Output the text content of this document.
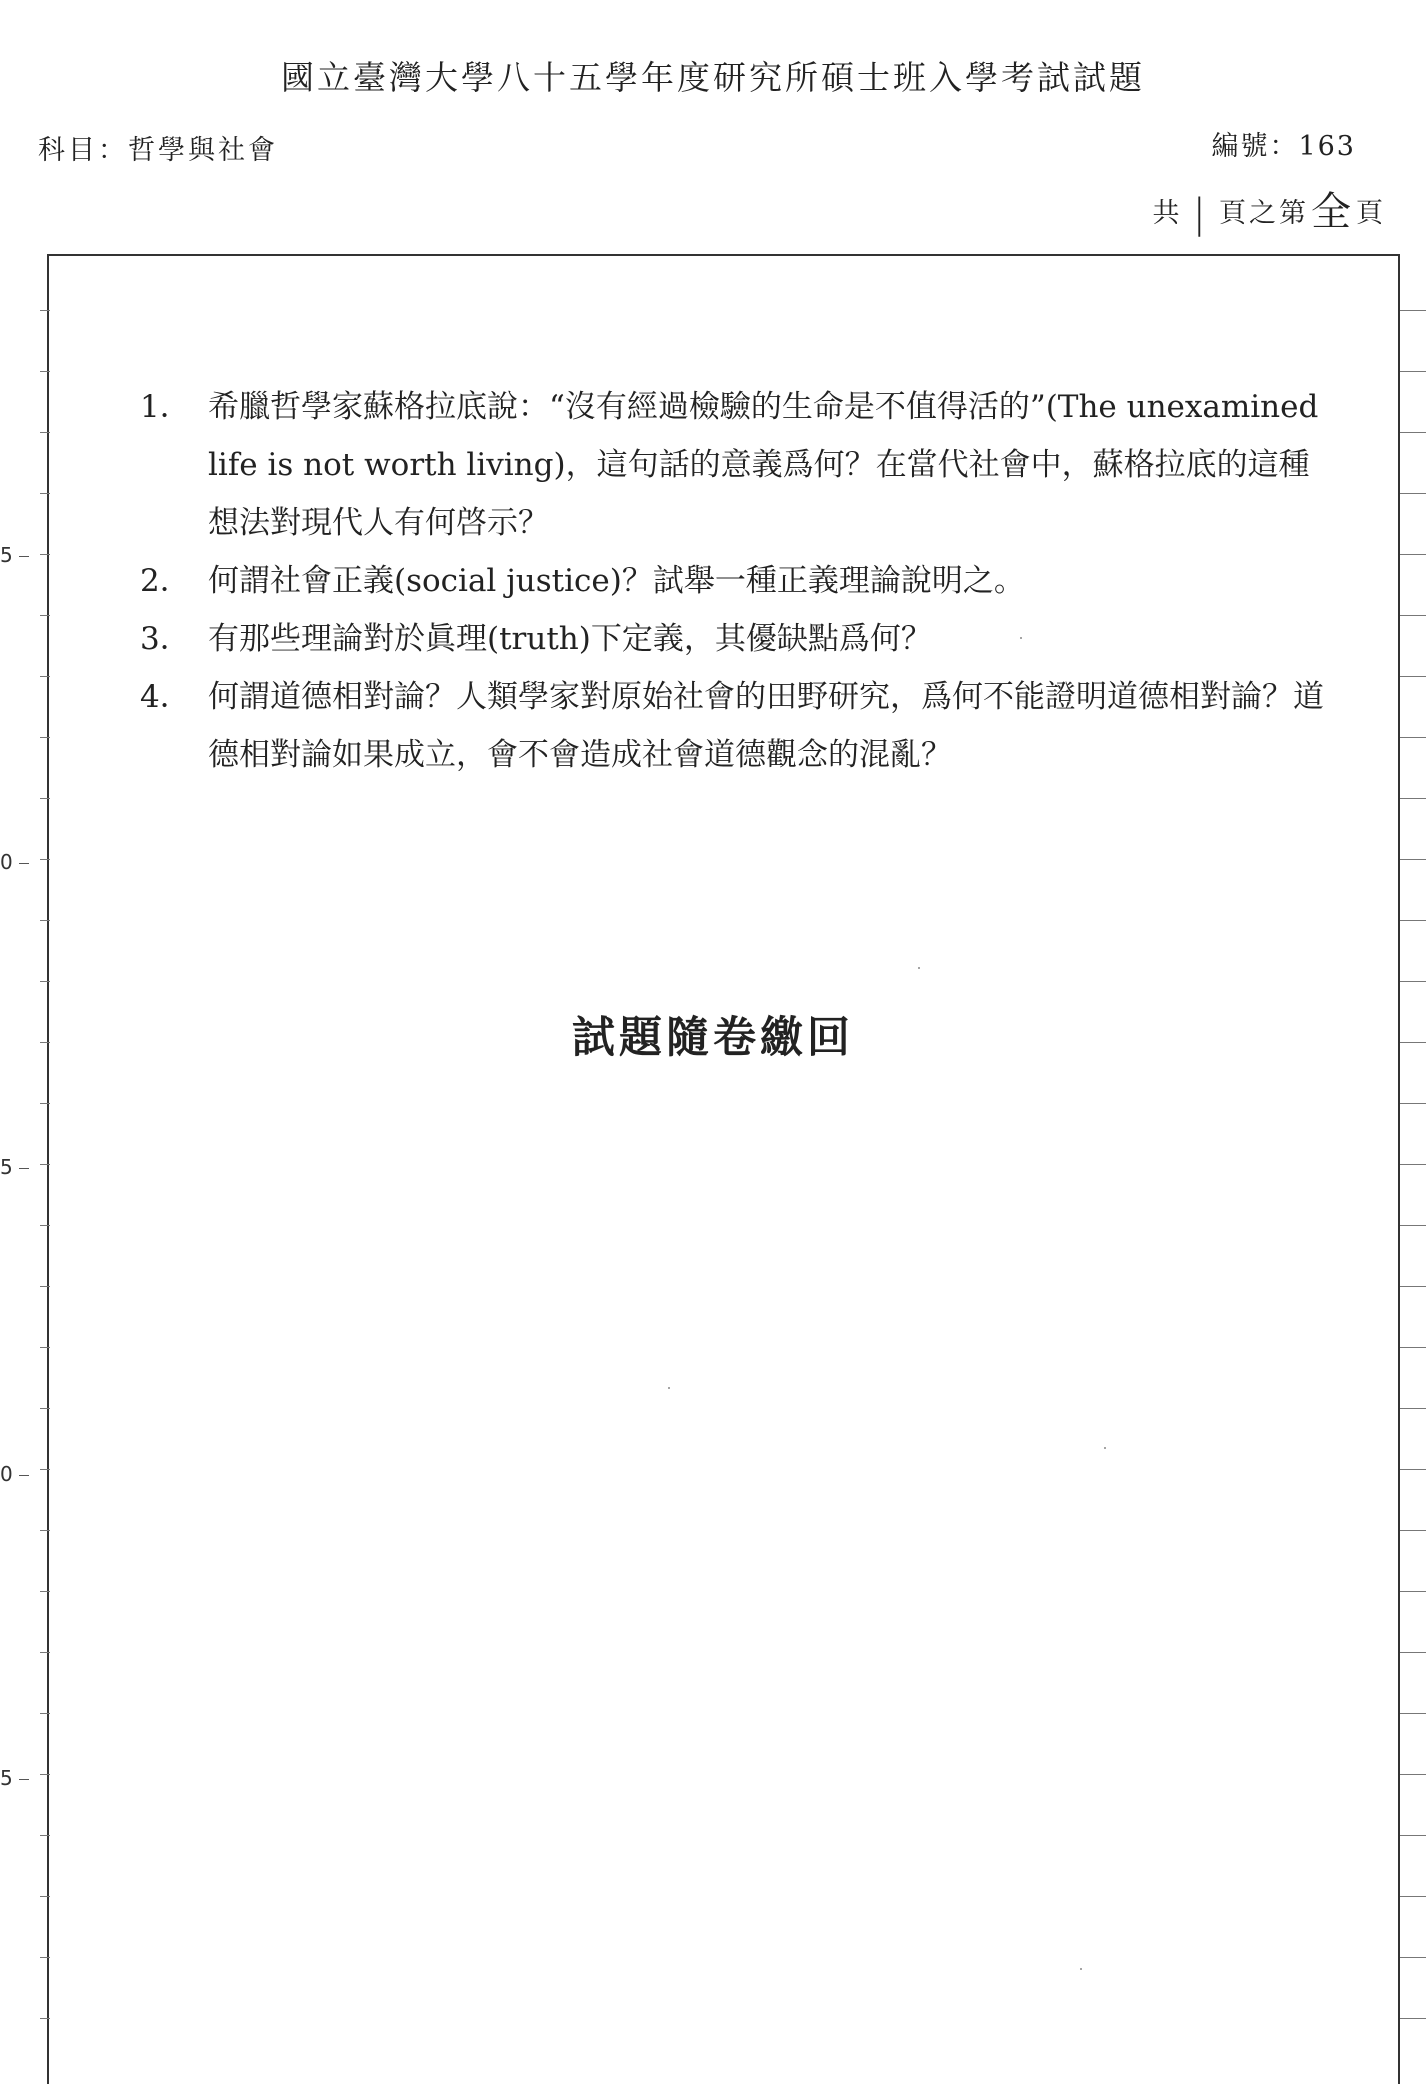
國立臺灣大學八十五學年度研究所碩士班入學考試試題
科目：哲學與社會	編號：163
共 | 頁之第 全 頁
1． 希臘哲學家蘇格拉底說：“沒有經過檢驗的生命是不值得活的”(The unexamined life is not worth living)，這句話的意義爲何？在當代社會中，蘇格拉底的這種想法對現代人有何啓示？
2． 何謂社會正義(social justice)？試舉一種正義理論說明之。
3． 有那些理論對於眞理(truth)下定義，其優缺點爲何？
4． 何謂道德相對論？人類學家對原始社會的田野研究，爲何不能證明道德相對論？道德相對論如果成立，會不會造成社會道德觀念的混亂？
試題隨卷繳回
5
0
5
0
5
